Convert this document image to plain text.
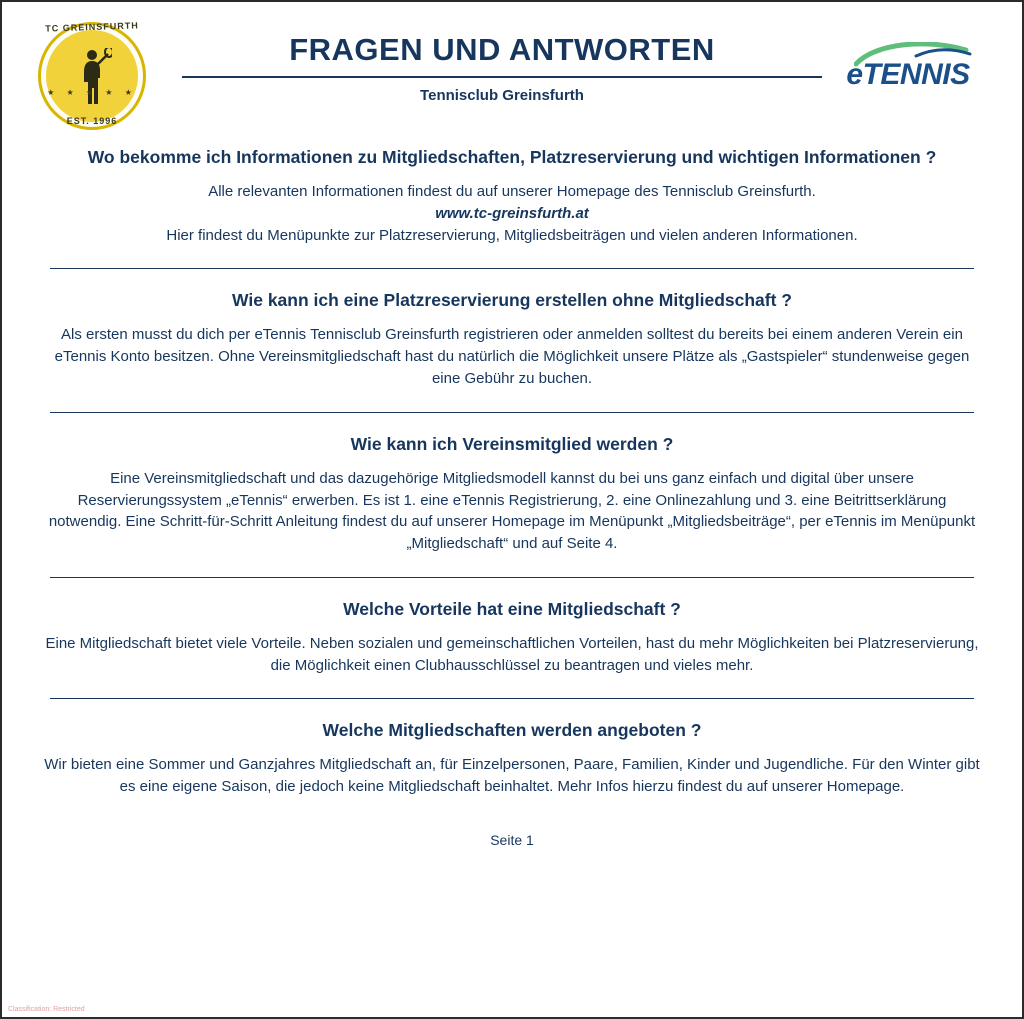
TC GREINSFURTH
★ ★ ★ ★ ★
EST. 1996
FRAGEN UND ANTWORTEN
Tennisclub Greinsfurth
eTENNIS
Wo bekomme ich Informationen zu Mitgliedschaften, Platzreservierung und wichtigen Informationen ?
Alle relevanten Informationen findest du auf unserer Homepage des Tennisclub Greinsfurth.
www.tc-greinsfurth.at
Hier findest du Menüpunkte zur Platzreservierung, Mitgliedsbeiträgen und vielen anderen Informationen.
Wie kann ich eine Platzreservierung erstellen ohne Mitgliedschaft ?
Als ersten musst du dich per eTennis Tennisclub Greinsfurth registrieren oder anmelden solltest du bereits bei einem anderen Verein ein eTennis Konto besitzen. Ohne Vereinsmitgliedschaft hast du natürlich die Möglichkeit unsere Plätze als „Gastspieler“ stundenweise gegen eine Gebühr zu buchen.
Wie kann ich Vereinsmitglied werden ?
Eine Vereinsmitgliedschaft und das dazugehörige Mitgliedsmodell kannst du bei uns ganz einfach und digital über unsere Reservierungssystem „eTennis“ erwerben. Es ist 1. eine eTennis Registrierung, 2. eine Onlinezahlung und 3. eine Beitrittserklärung notwendig. Eine Schritt-für-Schritt Anleitung findest du auf unserer Homepage im Menüpunkt „Mitgliedsbeiträge“, per eTennis im Menüpunkt „Mitgliedschaft“ und auf Seite 4.
Welche Vorteile hat eine Mitgliedschaft ?
Eine Mitgliedschaft bietet viele Vorteile. Neben sozialen und gemeinschaftlichen Vorteilen, hast du mehr Möglichkeiten bei Platzreservierung, die Möglichkeit einen Clubhausschlüssel zu beantragen und vieles mehr.
Welche Mitgliedschaften werden angeboten ?
Wir bieten eine Sommer und Ganzjahres Mitgliedschaft an, für Einzelpersonen, Paare, Familien, Kinder und Jugendliche. Für den Winter gibt es eine eigene Saison, die jedoch keine Mitgliedschaft beinhaltet. Mehr Infos hierzu findest du auf unserer Homepage.
Seite 1
Classification: Restricted
